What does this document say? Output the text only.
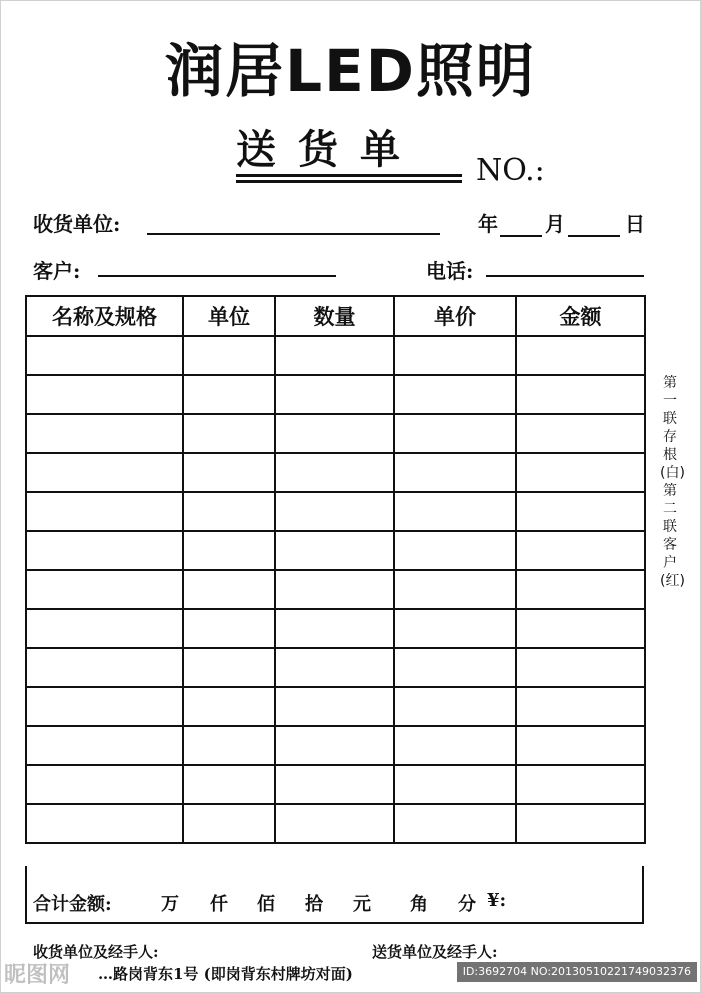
润居LED照明
送货单	NO.:
收货单位:	年 月	日
客户:	电话:
名称及规格	单位	数量	单价	金额

合计金额:	万 仟 佰 拾 元 角 分 ¥:
第一联存根(白)第二联客户(红)
收货单位及经手人:	送货单位及经手人:
…路岗背东1号 (即岗背东村牌坊对面)
昵图网	ID:3692704 NO:20130510221749032376
